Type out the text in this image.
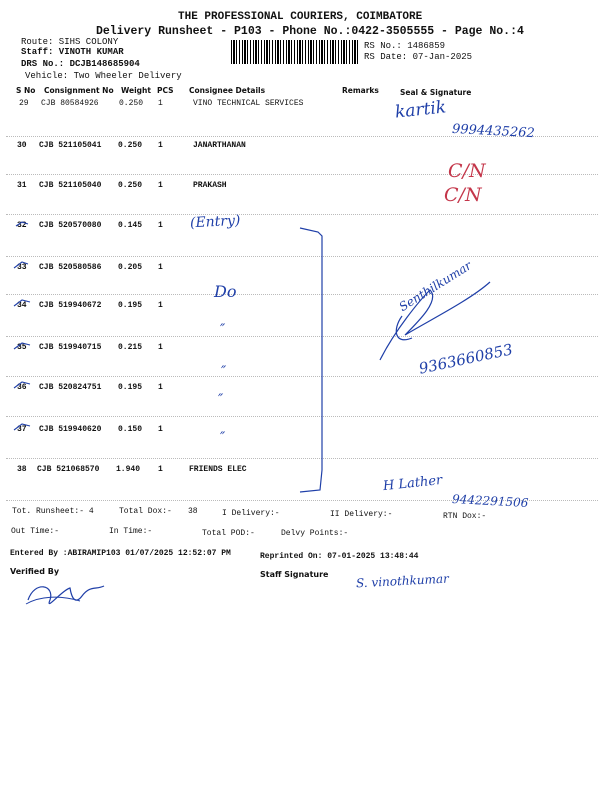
THE PROFESSIONAL COURIERS, COIMBATORE
Delivery Runsheet - P103 - Phone No.:0422-3505555 - Page No.:4
Route: SIHS COLONY
Staff: VINOTH KUMAR
DRS No.: DCJB148685904
Vehicle: Two Wheeler Delivery
RS No.: 1486859
RS Date: 07-Jan-2025
S No Consignment No Weight PCS Consignee Details	Remarks	Seal & Signature
29 CJB 80584926	0.250 1	VINO TECHNICAL SERVICES
30 CJB 521105041 0.250 1	JANARTHANAN
31 CJB 521105040 0.250 1	PRAKASH
32 CJB 520570080 0.145 1
33 CJB 520580586 0.205 1
34 CJB 519940672 0.195 1
35 CJB 519940715 0.215 1
36 CJB 520824751 0.195 1
37 CJB 519940620 0.150 1
38 CJB 521068570 1.940 1	FRIENDS ELEC
Tot. Runsheet:- 4	Total Dox:- 38	I Delivery:-	II Delivery:-	RTN Dox:-
Out Time:-	In Time:-	Total POD:-	Delvy Points:-
Entered By :ABIRAMIP103 01/07/2025 12:52:07 PM	Reprinted On: 07-01-2025 13:48:44
Verified By	Staff Signature
kartik
9994435262
C/N
C/N
(Entry)
Do
″
″
″
″
Senthilkumar
9363660853
H Lather
9442291506
S. vinothkumar
